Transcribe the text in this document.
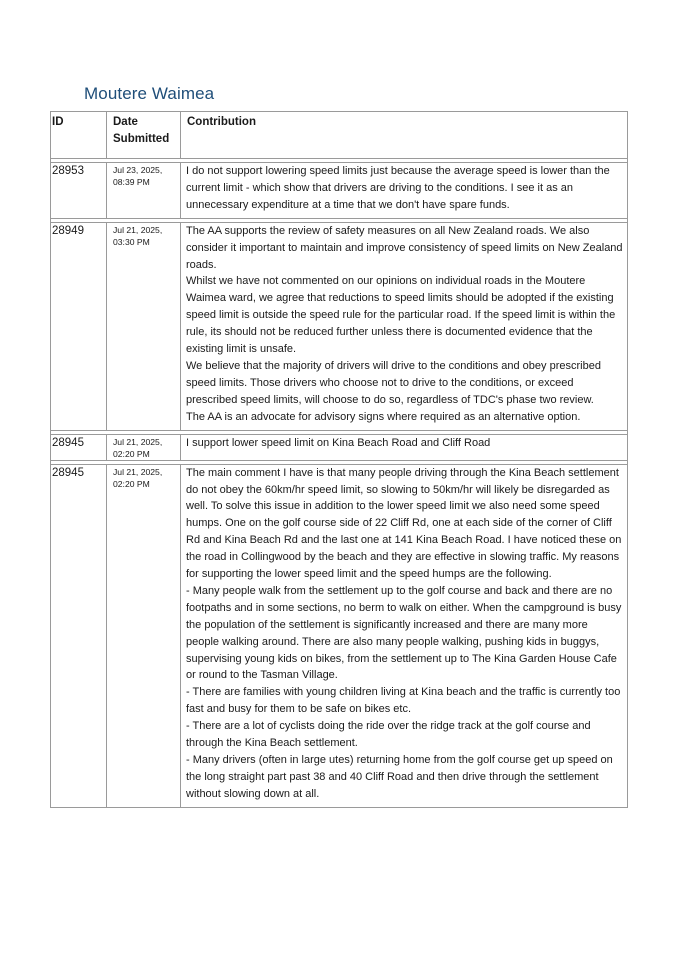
Moutere Waimea
ID	Date Submitted	Contribution

28953	Jul 23, 2025, 08:39 PM	I do not support lowering speed limits just because the average speed is lower than the current limit - which show that drivers are driving to the conditions. I see it as an unnecessary expenditure at a time that we don't have spare funds.

28949	Jul 21, 2025, 03:30 PM	The AA supports the review of safety measures on all New Zealand roads. We also consider it important to maintain and improve consistency of speed limits on New Zealand roads.
Whilst we have not commented on our opinions on individual roads in the Moutere Waimea ward, we agree that reductions to speed limits should be adopted if the existing speed limit is outside the speed rule for the particular road. If the speed limit is within the rule, its should not be reduced further unless there is documented evidence that the existing limit is unsafe.
We believe that the majority of drivers will drive to the conditions and obey prescribed speed limits. Those drivers who choose not to drive to the conditions, or exceed prescribed speed limits, will choose to do so, regardless of TDC's phase two review.
The AA is an advocate for advisory signs where required as an alternative option.

28945	Jul 21, 2025, 02:20 PM	I support lower speed limit on Kina Beach Road and Cliff Road

28945	Jul 21, 2025, 02:20 PM	The main comment I have is that many people driving through the Kina Beach settlement do not obey the 60km/hr speed limit, so slowing to 50km/hr will likely be disregarded as well. To solve this issue in addition to the lower speed limit we also need some speed humps. One on the golf course side of 22 Cliff Rd, one at each side of the corner of Cliff Rd and Kina Beach Rd and the last one at 141 Kina Beach Road. I have noticed these on the road in Collingwood by the beach and they are effective in slowing traffic. My reasons for supporting the lower speed limit and the speed humps are the following.
- Many people walk from the settlement up to the golf course and back and there are no footpaths and in some sections, no berm to walk on either. When the campground is busy the population of the settlement is significantly increased and there are many more people walking around. There are also many people walking, pushing kids in buggys, supervising young kids on bikes, from the settlement up to The Kina Garden House Cafe or round to the Tasman Village.
- There are families with young children living at Kina beach and the traffic is currently too fast and busy for them to be safe on bikes etc.
- There are a lot of cyclists doing the ride over the ridge track at the golf course and through the Kina Beach settlement.
- Many drivers (often in large utes) returning home from the golf course get up speed on the long straight part past 38 and 40 Cliff Road and then drive through the settlement without slowing down at all.
